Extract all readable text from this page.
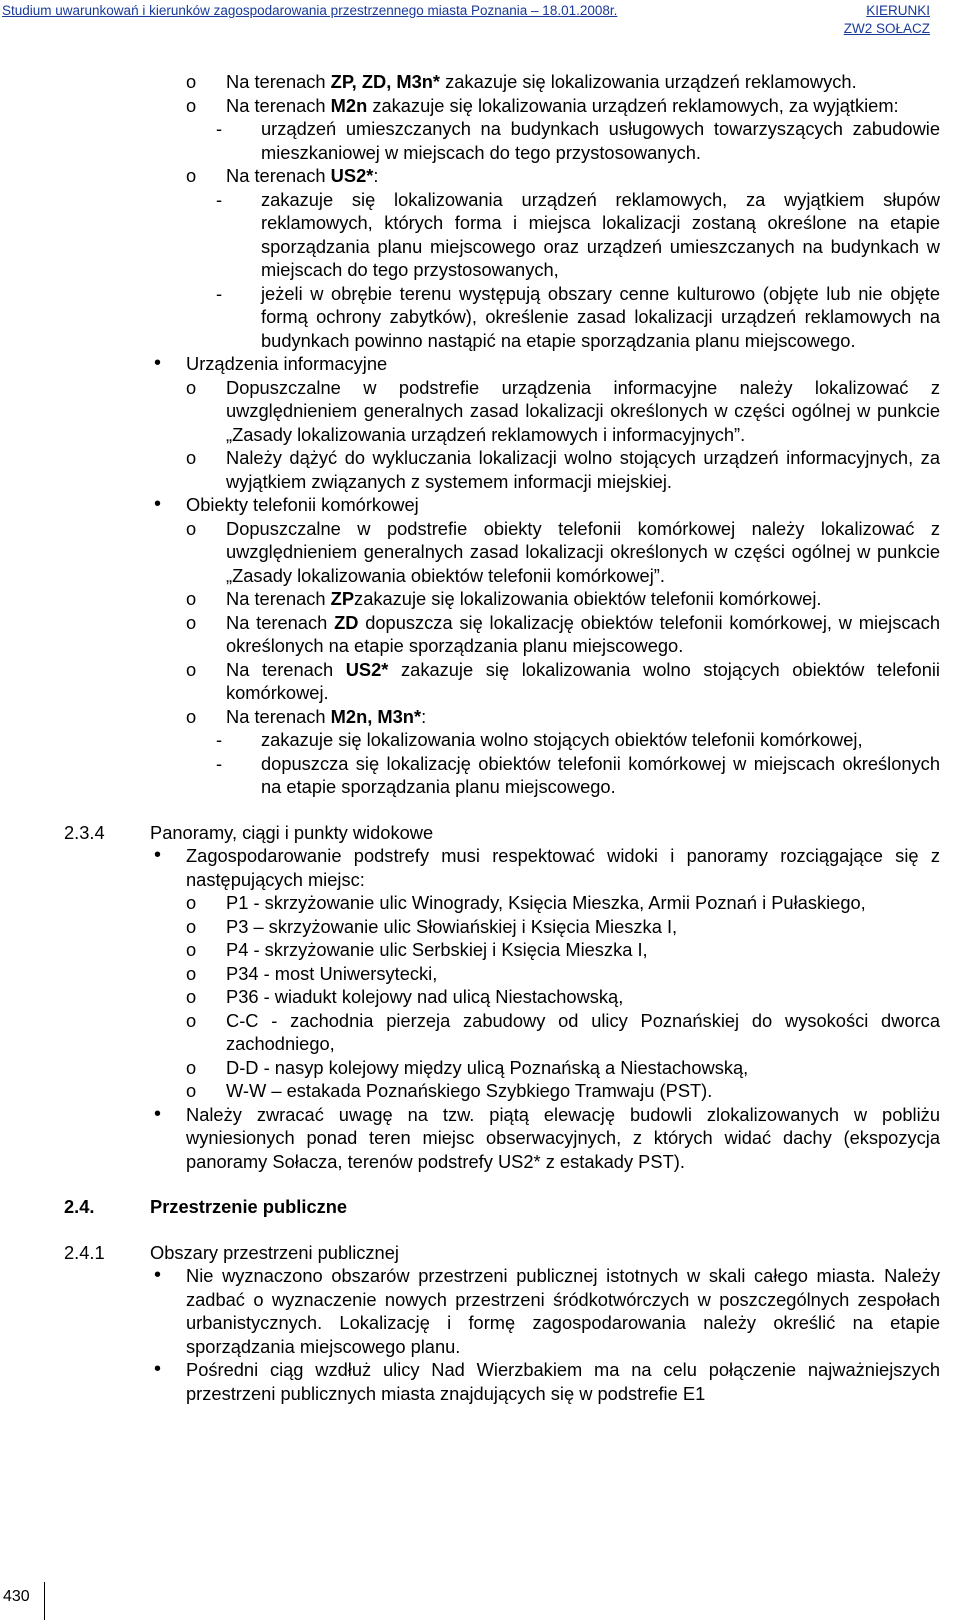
Studium uwarunkowań i kierunków zagospodarowania przestrzennego miasta Poznania – 18.01.2008r.	KIERUNKI
ZW2 SOŁACZ
o Na terenach ZP, ZD, M3n* zakazuje się lokalizowania urządzeń reklamowych.
o Na terenach M2n zakazuje się lokalizowania urządzeń reklamowych, za wyjątkiem:
- urządzeń umieszczanych na budynkach usługowych towarzyszących zabudowie mieszkaniowej w miejscach do tego przystosowanych.
o Na terenach US2*:
- zakazuje się lokalizowania urządzeń reklamowych, za wyjątkiem słupów reklamowych, których forma i miejsca lokalizacji zostaną określone na etapie sporządzania planu miejscowego oraz urządzeń umieszczanych na budynkach w miejscach do tego przystosowanych,
- jeżeli w obrębie terenu występują obszary cenne kulturowo (objęte lub nie objęte formą ochrony zabytków), określenie zasad lokalizacji urządzeń reklamowych na budynkach powinno nastąpić na etapie sporządzania planu miejscowego.
• Urządzenia informacyjne
o Dopuszczalne w podstrefie urządzenia informacyjne należy lokalizować z uwzględnieniem generalnych zasad lokalizacji określonych w części ogólnej w punkcie „Zasady lokalizowania urządzeń reklamowych i informacyjnych”.
o Należy dążyć do wykluczania lokalizacji wolno stojących urządzeń informacyjnych, za wyjątkiem związanych z systemem informacji miejskiej.
• Obiekty telefonii komórkowej
o Dopuszczalne w podstrefie obiekty telefonii komórkowej należy lokalizować z uwzględnieniem generalnych zasad lokalizacji określonych w części ogólnej w punkcie „Zasady lokalizowania obiektów telefonii komórkowej”.
o Na terenach ZPzakazuje się lokalizowania obiektów telefonii komórkowej.
o Na terenach ZD dopuszcza się lokalizację obiektów telefonii komórkowej, w miejscach określonych na etapie sporządzania planu miejscowego.
o Na terenach US2* zakazuje się lokalizowania wolno stojących obiektów telefonii komórkowej.
o Na terenach M2n, M3n*:
- zakazuje się lokalizowania wolno stojących obiektów telefonii komórkowej,
- dopuszcza się lokalizację obiektów telefonii komórkowej w miejscach określonych na etapie sporządzania planu miejscowego.
2.3.4 Panoramy, ciągi i punkty widokowe
• Zagospodarowanie podstrefy musi respektować widoki i panoramy rozciągające się z następujących miejsc:
o P1 - skrzyżowanie ulic Winogrady, Księcia Mieszka, Armii Poznań i Pułaskiego,
o P3 – skrzyżowanie ulic Słowiańskiej i Księcia Mieszka I,
o P4 - skrzyżowanie ulic Serbskiej i Księcia Mieszka I,
o P34 - most Uniwersytecki,
o P36 - wiadukt kolejowy nad ulicą Niestachowską,
o C-C - zachodnia pierzeja zabudowy od ulicy Poznańskiej do wysokości dworca zachodniego,
o D-D - nasyp kolejowy między ulicą Poznańską a Niestachowską,
o W-W – estakada Poznańskiego Szybkiego Tramwaju (PST).
• Należy zwracać uwagę na tzw. piątą elewację budowli zlokalizowanych w pobliżu wyniesionych ponad teren miejsc obserwacyjnych, z których widać dachy (ekspozycja panoramy Sołacza, terenów podstrefy US2* z estakady PST).
2.4.	Przestrzenie publiczne
2.4.1 Obszary przestrzeni publicznej
• Nie wyznaczono obszarów przestrzeni publicznej istotnych w skali całego miasta. Należy zadbać o wyznaczenie nowych przestrzeni śródkotwórczych w poszczególnych zespołach urbanistycznych. Lokalizację i formę zagospodarowania należy określić na etapie sporządzania miejscowego planu.
• Pośredni ciąg wzdłuż ulicy Nad Wierzbakiem ma na celu połączenie najważniejszych przestrzeni publicznych miasta znajdujących się w podstrefie E1
430
